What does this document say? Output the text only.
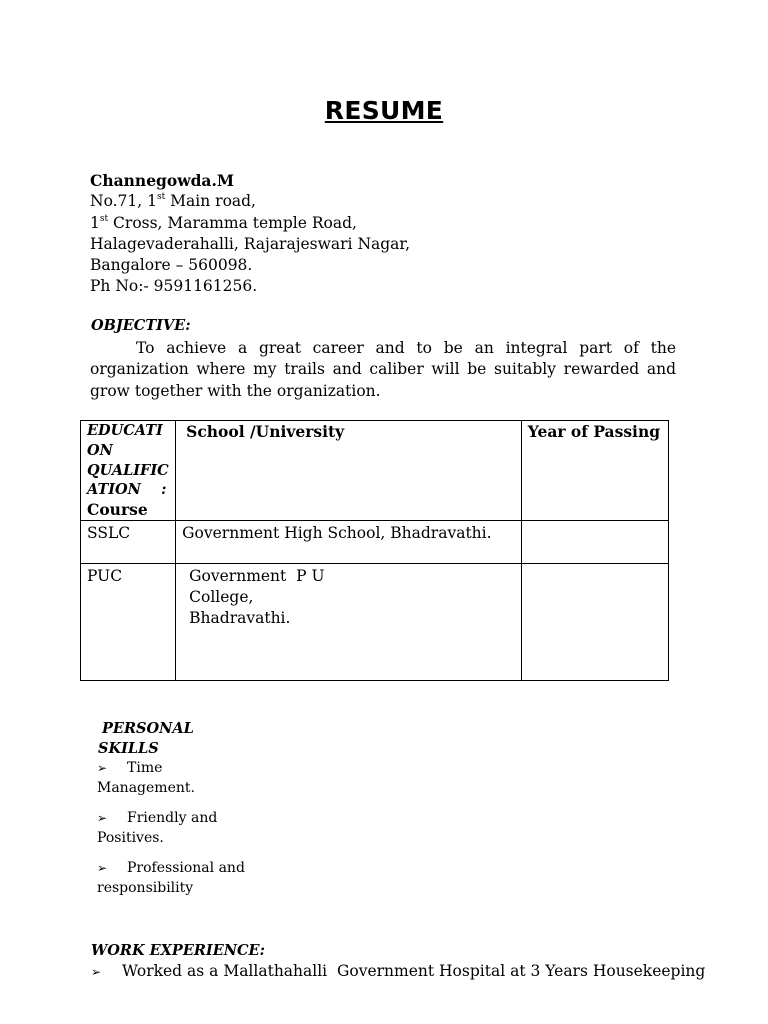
RESUME
Channegowda.M
No.71, 1st Main road,
1st Cross, Maramma temple Road,
Halagevaderahalli, Rajarajeswari Nagar,
Bangalore – 560098.
Ph No:- 9591161256.
OBJECTIVE:
To achieve a great career and to be an integral part of the organization where my trails and caliber will be suitably rewarded and grow together with the organization.
EDUCATI
ON
QUALIFIC
ATION    :
Course	School /University	Year of Passing

SSLC	Government High School, Bhadravathi.	

PUC	Government  P U
College,
Bhadravathi.	

PERSONAL
SKILLS
➢ Time
Management.
➢ Friendly and
Positives.
➢ Professional and
responsibility
WORK EXPERIENCE:
➢ Worked as a Mallathahalli  Government Hospital at 3 Years Housekeeping
